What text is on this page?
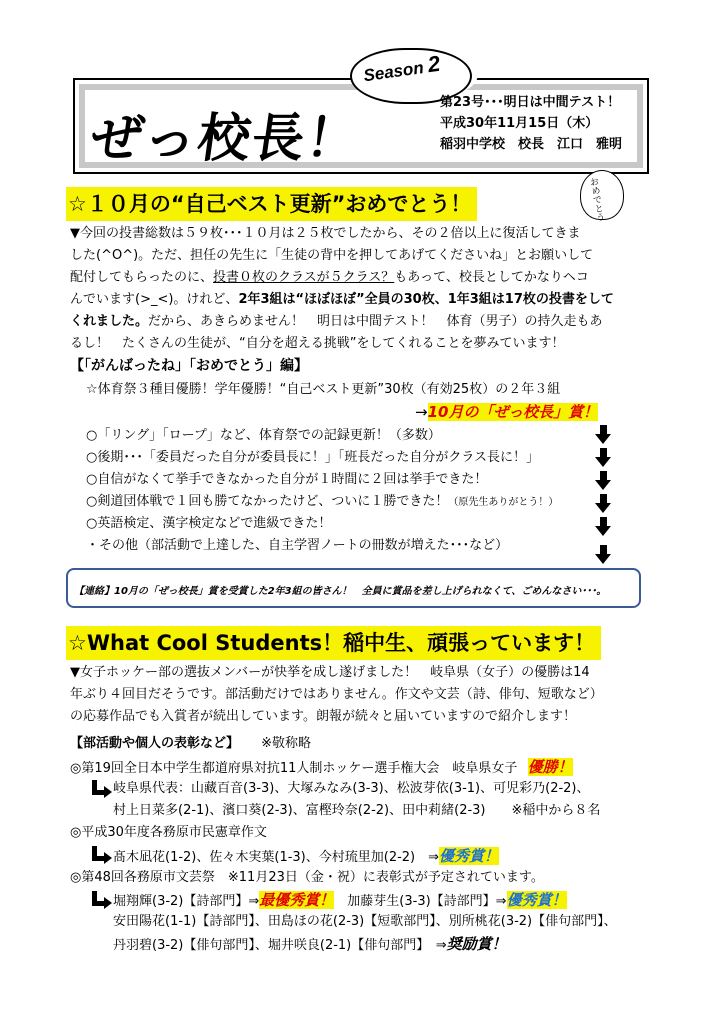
ぜっ校長！
Season 2
第23号･･･明日は中間テスト！
平成30年11月15日（木）
稲羽中学校　校長　江口　雅明
☆１０月の“自己ベスト更新”おめでとう！	おめでとう
▼今回の投書総数は５９枚･･･１０月は２５枚でしたから、その２倍以上に復活してきま
した(^O^)。ただ、担任の先生に「生徒の背中を押してあげてくださいね」とお願いして
配付してもらったのに、投書０枚のクラスが５クラス？もあって、校長としてかなりヘコ
んでいます(>_<)。けれど、2年3組は“ほぼほぼ”全員の30枚、1年3組は17枚の投書をして
くれました。だから、あきらめません！　明日は中間テスト！　体育（男子）の持久走もあ
るし！　たくさんの生徒が、“自分を超える挑戦”をしてくれることを夢みています！
【「がんばったね」「おめでとう」編】
☆体育祭３種目優勝！学年優勝！“自己ベスト更新”30枚（有効25枚）の２年３組
→10月の「ぜっ校長」賞！
○「リング」「ロープ」など、体育祭での記録更新！（多数）
○後期･･･「委員だった自分が委員長に！」「班長だった自分がクラス長に！」
○自信がなくて挙手できなかった自分が１時間に２回は挙手できた！
○剣道団体戦で１回も勝てなかったけど、ついに１勝できた！（原先生ありがとう！）
○英語検定、漢字検定などで進級できた！
・その他（部活動で上達した、自主学習ノートの冊数が増えた･･･など）
【連絡】10月の「ぜっ校長」賞を受賞した2年3組の皆さん！　全員に賞品を差し上げられなくて、ごめんなさい･･･。
☆What Cool Students！稲中生、頑張っています！
▼女子ホッケー部の選抜メンバーが快挙を成し遂げました！　岐阜県（女子）の優勝は14
年ぶり４回目だそうです。部活動だけではありません。作文や文芸（詩、俳句、短歌など）
の応募作品でも入賞者が続出しています。朗報が続々と届いていますので紹介します！
【部活動や個人の表彰など】 ※敬称略
◎第19回全日本中学生都道府県対抗11人制ホッケー選手権大会　岐阜県女子 優勝！
岐阜県代表：山藏百音(3-3)、大塚みなみ(3-3)、松波芽依(3-1)、可児彩乃(2-2)、
村上日菜多(2-1)、濱口葵(2-3)、富樫玲奈(2-2)、田中莉緒(2-3)　　※稲中から８名
◎平成30年度各務原市民憲章作文
髙木凪花(1-2)、佐々木実葉(1-3)、今村琉里加(2-2)　⇒優秀賞！
◎第48回各務原市文芸祭　※11月23日（金・祝）に表彰式が予定されています。
堀翔輝(3-2)【詩部門】⇒最優秀賞！　加藤芽生(3-3)【詩部門】⇒優秀賞！
安田陽花(1-1)【詩部門】、田島ほの花(2-3)【短歌部門】、別所桃花(3-2)【俳句部門】、
丹羽碧(3-2)【俳句部門】、堀井咲良(2-1)【俳句部門】　⇒奨励賞！
